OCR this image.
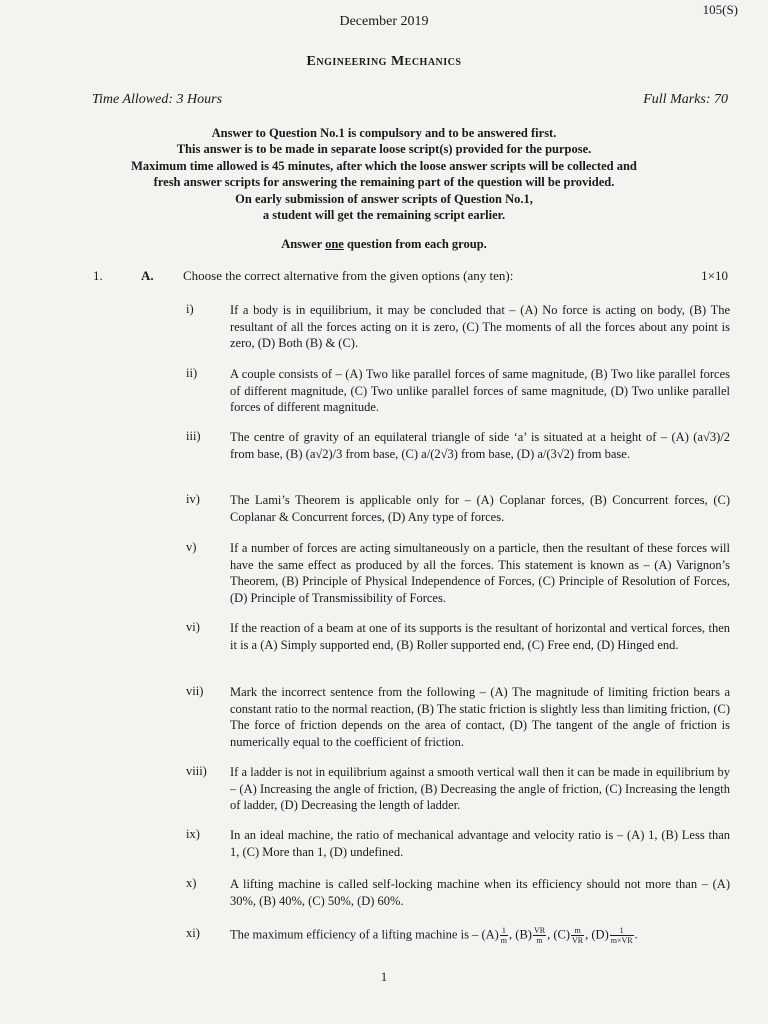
105(S)
December 2019
Engineering Mechanics
Time Allowed: 3 Hours	Full Marks: 70
Answer to Question No.1 is compulsory and to be answered first.
This answer is to be made in separate loose script(s) provided for the purpose.
Maximum time allowed is 45 minutes, after which the loose answer scripts will be collected and
fresh answer scripts for answering the remaining part of the question will be provided.
On early submission of answer scripts of Question No.1,
a student will get the remaining script earlier.
Answer one question from each group.
1.	A. Choose the correct alternative from the given options (any ten):	1×10
i)	If a body is in equilibrium, it may be concluded that – (A) No force is acting on body, (B) The resultant of all the forces acting on it is zero, (C) The moments of all the forces about any point is zero, (D) Both (B) & (C).
ii)	A couple consists of – (A) Two like parallel forces of same magnitude, (B) Two like parallel forces of different magnitude, (C) Two unlike parallel forces of same magnitude, (D) Two unlike parallel forces of different magnitude.
iii) The centre of gravity of an equilateral triangle of side ‘a’ is situated at a height of – (A) (a√3)/2 from base, (B) (a√2)/3 from base, (C) a/(2√3) from base, (D) a/(3√2) from base.
iv) The Lami’s Theorem is applicable only for – (A) Coplanar forces, (B) Concurrent forces, (C) Coplanar & Concurrent forces, (D) Any type of forces.
v)	If a number of forces are acting simultaneously on a particle, then the resultant of these forces will have the same effect as produced by all the forces. This statement is known as – (A) Varignon’s Theorem, (B) Principle of Physical Independence of Forces, (C) Principle of Resolution of Forces, (D) Principle of Transmissibility of Forces.
vi) If the reaction of a beam at one of its supports is the resultant of horizontal and vertical forces, then it is a (A) Simply supported end, (B) Roller supported end, (C) Free end, (D) Hinged end.
vii) Mark the incorrect sentence from the following – (A) The magnitude of limiting friction bears a constant ratio to the normal reaction, (B) The static friction is slightly less than limiting friction, (C) The force of friction depends on the area of contact, (D) The tangent of the angle of friction is numerically equal to the coefficient of friction.
viii) If a ladder is not in equilibrium against a smooth vertical wall then it can be made in equilibrium by – (A) Increasing the angle of friction, (B) Decreasing the angle of friction, (C) Increasing the length of ladder, (D) Decreasing the length of ladder.
ix) In an ideal machine, the ratio of mechanical advantage and velocity ratio is – (A) 1, (B) Less than 1, (C) More than 1, (D) undefined.
x)	A lifting machine is called self-locking machine when its efficiency should not more than – (A) 30%, (B) 40%, (C) 50%, (D) 60%.
xi) The maximum efficiency of a lifting machine is – $(A) \frac{1}{m}$ , $(B) \frac{VR}{m}$ , $(C) \frac{m}{VR}$ , $(D) \frac{1}{m\times VR}$ .
1
